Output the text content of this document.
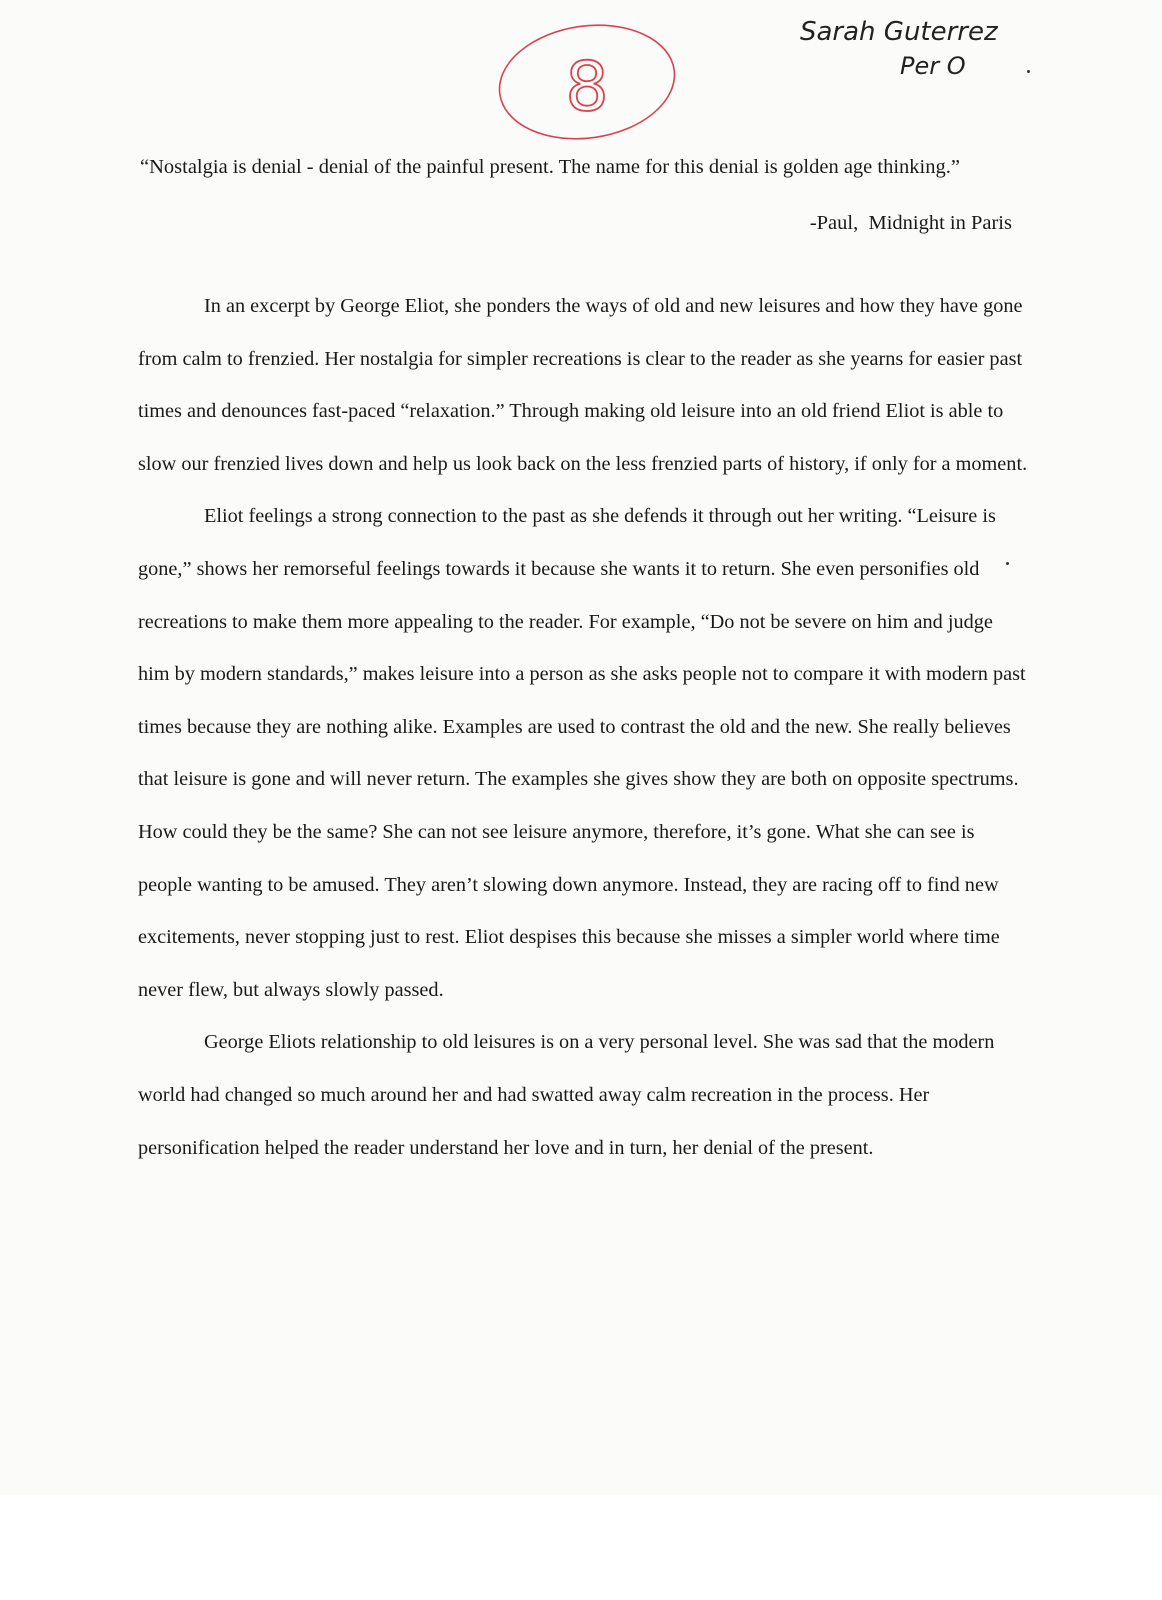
Sarah Guterrez
Per O
8
“Nostalgia is denial - denial of the painful present. The name for this denial is golden age thinking.”
-Paul,  Midnight in Paris

In an excerpt by George Eliot, she ponders the ways of old and new leisures and how they have gone from calm to frenzied. Her nostalgia for simpler recreations is clear to the reader as she yearns for easier past times and denounces fast-paced “relaxation.” Through making old leisure into an old friend Eliot is able to slow our frenzied lives down and help us look back on the less frenzied parts of history, if only for a moment.

Eliot feelings a strong connection to the past as she defends it through out her writing. “Leisure is gone,” shows her remorseful feelings towards it because she wants it to return. She even personifies old recreations to make them more appealing to the reader. For example, “Do not be severe on him and judge him by modern standards,” makes leisure into a person as she asks people not to compare it with modern past times because they are nothing alike. Examples are used to contrast the old and the new. She really believes that leisure is gone and will never return. The examples she gives show they are both on opposite spectrums. How could they be the same? She can not see leisure anymore, therefore, it’s gone. What she can see is people wanting to be amused. They aren’t slowing down anymore. Instead, they are racing off to find new excitements, never stopping just to rest. Eliot despises this because she misses a simpler world where time never flew, but always slowly passed.

George Eliots relationship to old leisures is on a very personal level. She was sad that the modern world had changed so much around her and had swatted away calm recreation in the process. Her personification helped the reader understand her love and in turn, her denial of the present.
